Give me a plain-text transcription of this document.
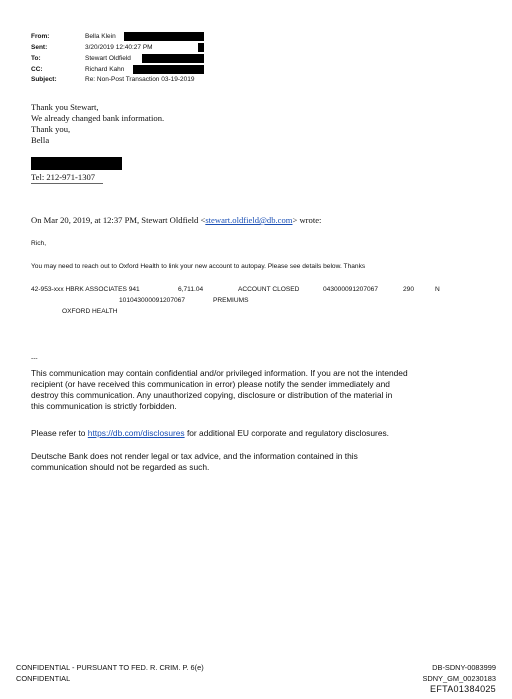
From:	Bella Klein
Sent:	3/20/2019 12:40:27 PM
To:	Stewart Oldfield
CC:	Richard Kahn
Subject:	Re: Non-Post Transaction 03-19-2019
Thank you Stewart,
We already changed bank information.
Thank you,
Bella
Tel: 212-971-1307
On Mar 20, 2019, at 12:37 PM, Stewart Oldfield <stewart.oldfield@db.com> wrote:
Rich,
You may need to reach out to Oxford Health to link your new account to autopay. Please see details below. Thanks
42-953-xxx HBRK ASSOCIATES 941	6,711.04	ACCOUNT CLOSED	043000091207067	290	N
101043000091207067	PREMIUMS
OXFORD HEALTH
---
This communication may contain confidential and/or privileged information. If you are not the intended
recipient (or have received this communication in error) please notify the sender immediately and
destroy this communication. Any unauthorized copying, disclosure or distribution of the material in
this communication is strictly forbidden.
Please refer to https://db.com/disclosures for additional EU corporate and regulatory disclosures.
Deutsche Bank does not render legal or tax advice, and the information contained in this
communication should not be regarded as such.
CONFIDENTIAL - PURSUANT TO FED. R. CRIM. P. 6(e)
CONFIDENTIAL
DB-SDNY-0083999
SDNY_GM_00230183
EFTA01384025
